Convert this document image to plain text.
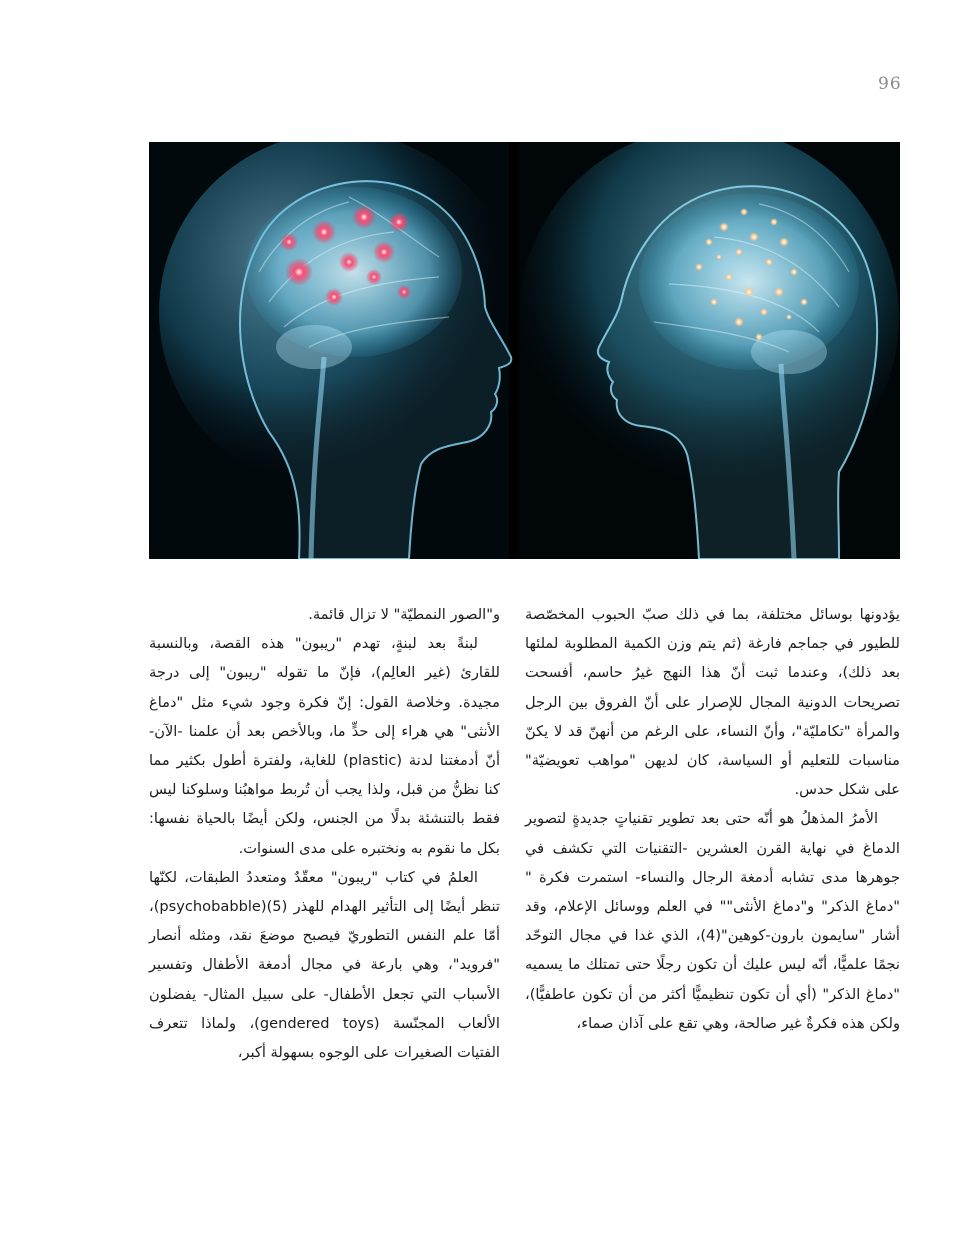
96

يؤدونها بوسائل مختلفة، بما في ذلك صبّ الحبوب المخصّصة للطيور في جماجم فارغة (ثم يتم وزن الكمية المطلوبة لملئها بعد ذلك)، وعندما ثبت أنّ هذا النهج غيرُ حاسم، أفسحت تصريحات الدونية المجال للإصرار على أنّ الفروق بين الرجل والمرأة "تكامليّة"، وأنّ النساء، على الرغم من أنهنّ قد لا يكنّ مناسبات للتعليم أو السياسة، كان لديهن "مواهب تعويضيّة" على شكل حدس.

الأمرُ المذهلُ هو أنّه حتى بعد تطوير تقنياتٍ جديدةٍ لتصوير الدماغ في نهاية القرن العشرين -التقنيات التي تكشف في جوهرها مدى تشابه أدمغة الرجال والنساء- استمرت فكرة " "دماغ الذكر" و"دماغ الأنثى"" في العلم ووسائل الإعلام، وقد أشار "سايمون بارون-كوهين"(4)، الذي غدا في مجال التوحّد نجمًا علميًّا، أنّه ليس عليك أن تكون رجلًا حتى تمتلك ما يسميه "دماغ الذكر" (أي أن تكون تنظيميًّا أكثر من أن تكون عاطفيًّا)، ولكن هذه فكرةٌ غير صالحة، وهي تقع على آذان صماء،

و"الصور النمطيّة" لا تزال قائمة.

لبنةً بعد لبنةٍ، تهدم "ريبون" هذه القصة، وبالنسبة للقارئ (غير العالِم)، فإنّ ما تقوله "ريبون" إلى درجة مجيدة. وخلاصة القول: إنّ فكرة وجود شيء مثل "دماغ الأنثى" هي هراء إلى حدٍّ ما، وبالأخص بعد أن علمنا -الآن- أنّ أدمغتنا لدنة (plastic) للغاية، ولفترة أطول بكثير مما كنا نظنُّ من قبل، ولذا يجب أن تُربط مواهبُنا وسلوكنا ليس فقط بالتنشئة بدلًا من الجنس، ولكن أيضًا بالحياة نفسها: بكل ما نقوم به ونختبره على مدى السنوات.

العلمُ في كتاب "ريبون" معقّدٌ ومتعددُ الطبقات، لكنّها تنظر أيضًا إلى التأثير الهدام للهذر (5)(psychobabble)، أمّا علم النفس التطوريّ فيصبح موضعَ نقد، ومثله أنصار "فرويد"، وهي بارعة في مجال أدمغة الأطفال وتفسير الأسباب التي تجعل الأطفال- على سبيل المثال- يفضلون الألعاب المجنّسة (gendered toys)، ولماذا تتعرف الفتيات الصغيرات على الوجوه بسهولة أكبر،
